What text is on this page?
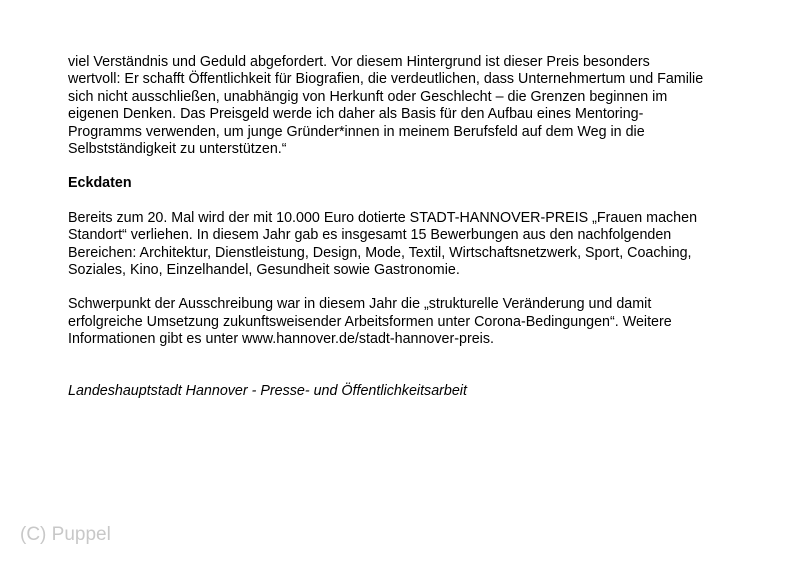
viel Verständnis und Geduld abgefordert. Vor diesem Hintergrund ist dieser Preis besonders
wertvoll: Er schafft Öffentlichkeit für Biografien, die verdeutlichen, dass Unternehmertum und Familie
sich nicht ausschließen, unabhängig von Herkunft oder Geschlecht – die Grenzen beginnen im
eigenen Denken. Das Preisgeld werde ich daher als Basis für den Aufbau eines Mentoring-
Programms verwenden, um junge Gründer*innen in meinem Berufsfeld auf dem Weg in die
Selbstständigkeit zu unterstützen.“

Eckdaten

Bereits zum 20. Mal wird der mit 10.000 Euro dotierte STADT-HANNOVER-PREIS „Frauen machen
Standort“ verliehen. In diesem Jahr gab es insgesamt 15 Bewerbungen aus den nachfolgenden
Bereichen: Architektur, Dienstleistung, Design, Mode, Textil, Wirtschaftsnetzwerk, Sport, Coaching,
Soziales, Kino, Einzelhandel, Gesundheit sowie Gastronomie.

Schwerpunkt der Ausschreibung war in diesem Jahr die „strukturelle Veränderung und damit
erfolgreiche Umsetzung zukunftsweisender Arbeitsformen unter Corona-Bedingungen“. Weitere
Informationen gibt es unter www.hannover.de/stadt-hannover-preis.

Landeshauptstadt Hannover - Presse- und Öffentlichkeitsarbeit

(C) Puppel
